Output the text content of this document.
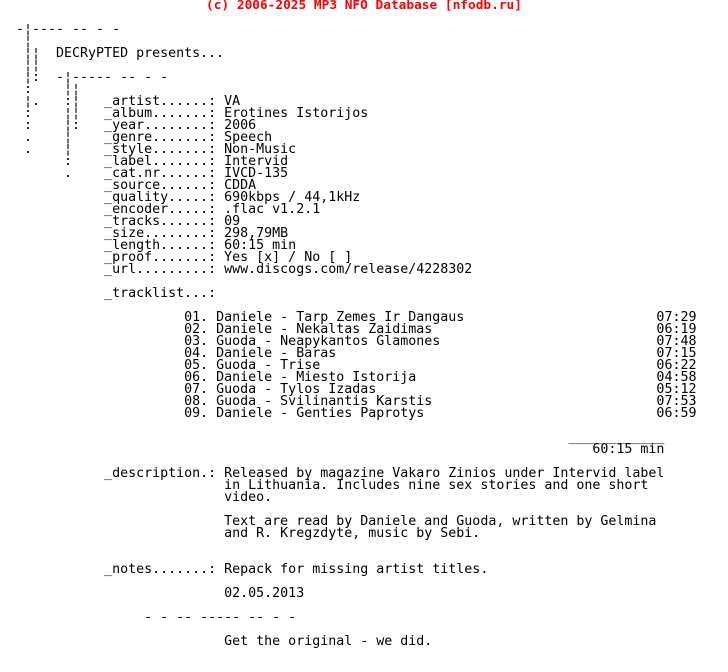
(c) 2006-2025 MP3 NFO Database [nfodb.ru]
-¦---- -- - -
¦
¦¦  DECRyPTED presents...
¦¦
¦:  -¦----- -- - -
:    ¦¦
¦.   :¦   _artist......: VA
:    ¦¦   _album.......: Erotines Istorijos
:    ¦:   _year........: 2006
.    ¦    _genre.......: Speech
.    ¦    _style.......: Non-Music
:    _label.......: Intervid
.    _cat.nr......: IVCD-135
_source......: CDDA
_quality.....: 690kbps / 44,1kHz
_encoder.....: .flac v1.2.1
_tracks......: 09
_size........: 298,79MB
_length......: 60:15 min
_proof.......: Yes [x] / No [ ]
_url.........: www.discogs.com/release/4228302
_tracklist...:
01. Daniele - Tarp Zemes Ir Dangaus                        07:29
02. Daniele - Nekaltas Zaidimas                            06:19
03. Guoda - Neapykantos Glamones                           07:48
04. Daniele - Baras                                        07:15
05. Guoda - Trise                                          06:22
06. Daniele - Miesto Istorija                              04:58
07. Guoda - Tylos Izadas                                   05:12
08. Guoda - Svilinantis Karstis                            07:53
09. Daniele - Genties Paprotys                             06:59
____________
60:15 min
_description.: Released by magazine Vakaro Zinios under Intervid label
in Lithuania. Includes nine sex stories and one short
video.
Text are read by Daniele and Guoda, written by Gelmina
and R. Kregzdyte, music by Sebi.
_notes.......: Repack for missing artist titles.
02.05.2013
- - -- ----- -- - -
Get the original - we did.
